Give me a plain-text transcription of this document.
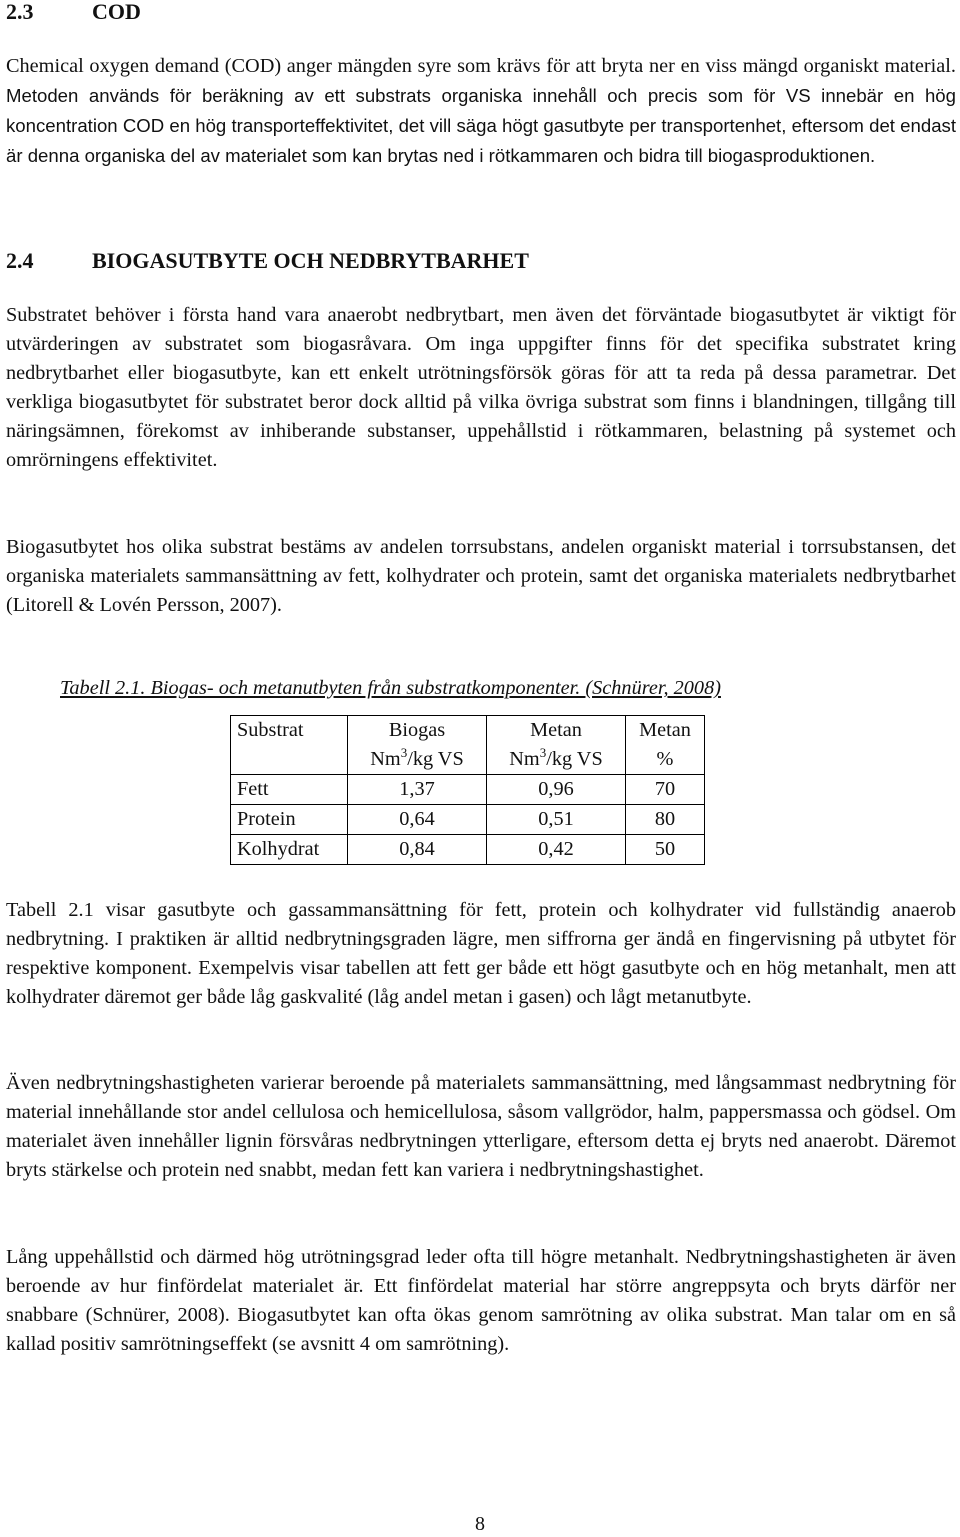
2.3	COD
Chemical oxygen demand (COD) anger mängden syre som krävs för att bryta ner en viss mängd organiskt material. Metoden används för beräkning av ett substrats organiska innehåll och precis som för VS innebär en hög koncentration COD en hög transporteffektivitet, det vill säga högt gasutbyte per transportenhet, eftersom det endast är denna organiska del av materialet som kan brytas ned i rötkammaren och bidra till biogasproduktionen.
2.4	BIOGASUTBYTE OCH NEDBRYTBARHET
Substratet behöver i första hand vara anaerobt nedbrytbart, men även det förväntade biogasutbytet är viktigt för utvärderingen av substratet som biogasråvara. Om inga uppgifter finns för det specifika substratet kring nedbrytbarhet eller biogasutbyte, kan ett enkelt utrötningsförsök göras för att ta reda på dessa parametrar. Det verkliga biogasutbytet för substratet beror dock alltid på vilka övriga substrat som finns i blandningen, tillgång till näringsämnen, förekomst av inhiberande substanser, uppehållstid i rötkammaren, belastning på systemet och omrörningens effektivitet.
Biogasutbytet hos olika substrat bestäms av andelen torrsubstans, andelen organiskt material i torrsubstansen, det organiska materialets sammansättning av fett, kolhydrater och protein, samt det organiska materialets nedbrytbarhet (Litorell & Lovén Persson, 2007).
Tabell 2.1. Biogas- och metanutbyten från substratkomponenter. (Schnürer, 2008)
Substrat	Biogas	Metan	Metan
	Nm$^3$/kg VS	Nm$^3$/kg VS	%
Fett	1,37	0,96	70
Protein	0,64	0,51	80
Kolhydrat	0,84	0,42	50
Tabell 2.1 visar gasutbyte och gassammansättning för fett, protein och kolhydrater vid fullständig anaerob nedbrytning. I praktiken är alltid nedbrytningsgraden lägre, men siffrorna ger ändå en fingervisning på utbytet för respektive komponent. Exempelvis visar tabellen att fett ger både ett högt gasutbyte och en hög metanhalt, men att kolhydrater däremot ger både låg gaskvalité (låg andel metan i gasen) och lågt metanutbyte.
Även nedbrytningshastigheten varierar beroende på materialets sammansättning, med långsammast nedbrytning för material innehållande stor andel cellulosa och hemicellulosa, såsom vallgrödor, halm, pappersmassa och gödsel. Om materialet även innehåller lignin försvåras nedbrytningen ytterligare, eftersom detta ej bryts ned anaerobt. Däremot bryts stärkelse och protein ned snabbt, medan fett kan variera i nedbrytningshastighet.
Lång uppehållstid och därmed hög utrötningsgrad leder ofta till högre metanhalt. Nedbrytningshastigheten är även beroende av hur finfördelat materialet är. Ett finfördelat material har större angreppsyta och bryts därför ner snabbare (Schnürer, 2008). Biogasutbytet kan ofta ökas genom samrötning av olika substrat. Man talar om en så kallad positiv samrötningseffekt (se avsnitt 4 om samrötning).
8
